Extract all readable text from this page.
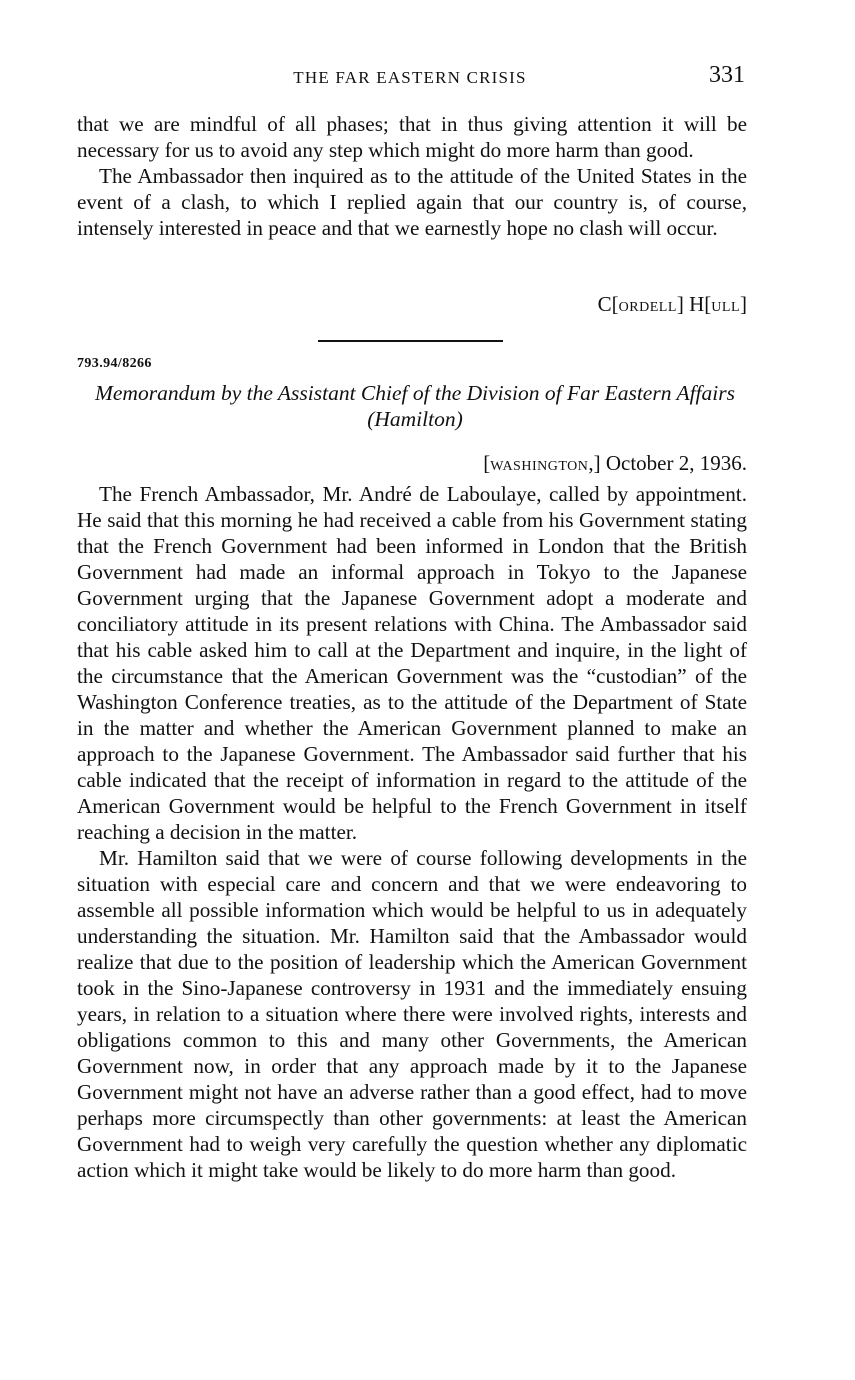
THE FAR EASTERN CRISIS	331

that we are mindful of all phases; that in thus giving attention it will be necessary for us to avoid any step which might do more harm than good.

The Ambassador then inquired as to the attitude of the United States in the event of a clash, to which I replied again that our country is, of course, intensely interested in peace and that we earnestly hope no clash will occur.

C[ORDELL] H[ULL]
793.94/8266
Memorandum by the Assistant Chief of the Division of Far Eastern Affairs (Hamilton)
[WASHINGTON,] October 2, 1936.

The French Ambassador, Mr. André de Laboulaye, called by appointment. He said that this morning he had received a cable from his Government stating that the French Government had been informed in London that the British Government had made an informal approach in Tokyo to the Japanese Government urging that the Japanese Government adopt a moderate and conciliatory attitude in its present relations with China. The Ambassador said that his cable asked him to call at the Department and inquire, in the light of the circumstance that the American Government was the “custodian” of the Washington Conference treaties, as to the attitude of the Department of State in the matter and whether the American Government planned to make an approach to the Japanese Government. The Ambassador said further that his cable indicated that the receipt of information in regard to the attitude of the American Government would be helpful to the French Government in itself reaching a decision in the matter.

Mr. Hamilton said that we were of course following developments in the situation with especial care and concern and that we were endeavoring to assemble all possible information which would be helpful to us in adequately understanding the situation. Mr. Hamilton said that the Ambassador would realize that due to the position of leadership which the American Government took in the Sino-Japanese controversy in 1931 and the immediately ensuing years, in relation to a situation where there were involved rights, interests and obligations common to this and many other Governments, the American Government now, in order that any approach made by it to the Japanese Government might not have an adverse rather than a good effect, had to move perhaps more circumspectly than other governments: at least the American Government had to weigh very carefully the question whether any diplomatic action which it might take would be likely to do more harm than good.
